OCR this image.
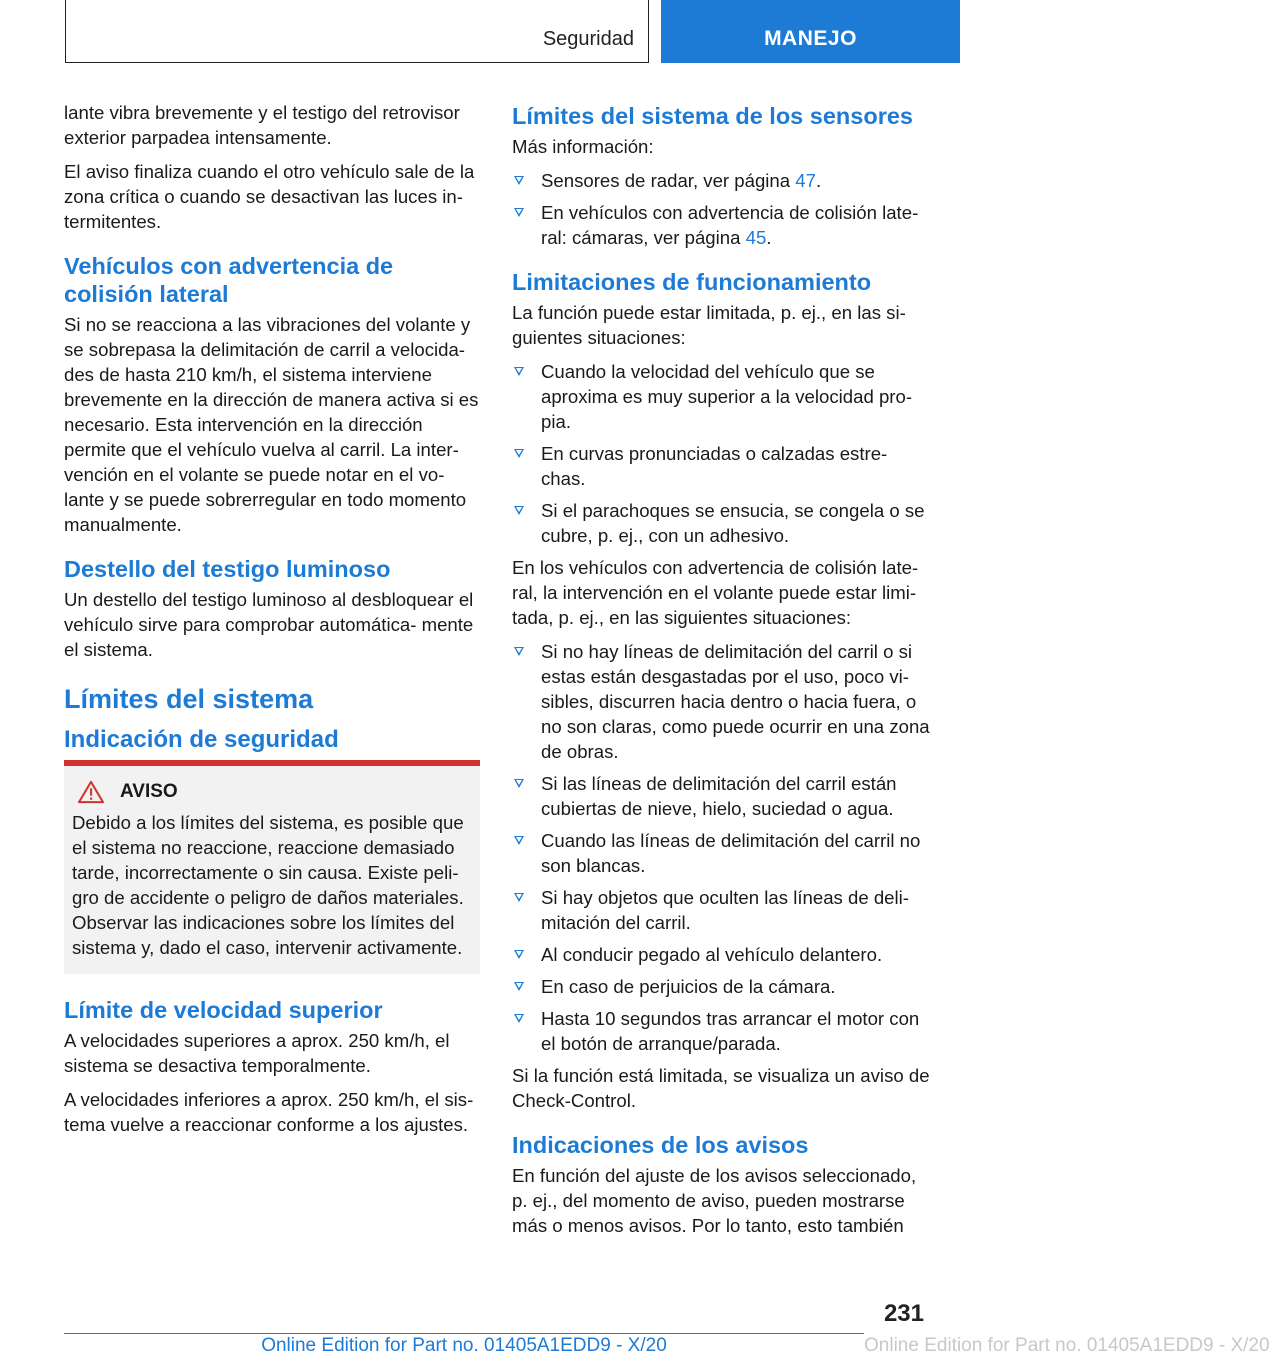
Seguridad	MANEJO

lante vibra brevemente y el testigo del retrovisor exterior parpadea intensamente.

El aviso finaliza cuando el otro vehículo sale de la zona crítica o cuando se desactivan las luces in‐ termitentes.

Vehículos con advertencia de colisión lateral

Si no se reacciona a las vibraciones del volante y se sobrepasa la delimitación de carril a velocida‐ des de hasta 210 km/h, el sistema interviene brevemente en la dirección de manera activa si es necesario. Esta intervención en la dirección permite que el vehículo vuelva al carril. La inter‐ vención en el volante se puede notar en el vo‐ lante y se puede sobrerregular en todo momento manualmente.

Destello del testigo luminoso

Un destello del testigo luminoso al desbloquear el vehículo sirve para comprobar automática‐ mente el sistema.

Límites del sistema
Indicación de seguridad
AVISO

Debido a los límites del sistema, es posible que el sistema no reaccione, reaccione demasiado tarde, incorrectamente o sin causa. Existe peli‐ gro de accidente o peligro de daños materiales. Observar las indicaciones sobre los límites del sistema y, dado el caso, intervenir activamente.

Límite de velocidad superior

A velocidades superiores a aprox. 250 km/h, el sistema se desactiva temporalmente.

A velocidades inferiores a aprox. 250 km/h, el sis‐ tema vuelve a reaccionar conforme a los ajustes.

Límites del sistema de los sensores

Más información:

Sensores de radar, ver página 47.
En vehículos con advertencia de colisión late‐ ral: cámaras, ver página 45.
Limitaciones de funcionamiento

La función puede estar limitada, p. ej., en las si‐ guientes situaciones:

Cuando la velocidad del vehículo que se aproxima es muy superior a la velocidad pro‐ pia.
En curvas pronunciadas o calzadas estre‐ chas.
Si el parachoques se ensucia, se congela o se cubre, p. ej., con un adhesivo.

En los vehículos con advertencia de colisión late‐ ral, la intervención en el volante puede estar limi‐ tada, p. ej., en las siguientes situaciones:

Si no hay líneas de delimitación del carril o si estas están desgastadas por el uso, poco vi‐ sibles, discurren hacia dentro o hacia fuera, o no son claras, como puede ocurrir en una zona de obras.
Si las líneas de delimitación del carril están cubiertas de nieve, hielo, suciedad o agua.
Cuando las líneas de delimitación del carril no son blancas.
Si hay objetos que oculten las líneas de deli‐ mitación del carril.
Al conducir pegado al vehículo delantero.
En caso de perjuicios de la cámara.
Hasta 10 segundos tras arrancar el motor con el botón de arranque/parada.

Si la función está limitada, se visualiza un aviso de Check-Control.

Indicaciones de los avisos

En función del ajuste de los avisos seleccionado, p. ej., del momento de aviso, pueden mostrarse más o menos avisos. Por lo tanto, esto también

231
Online Edition for Part no. 01405A1EDD9 - X/20	Online Edition for Part no. 01405A1EDD9 - X/20
